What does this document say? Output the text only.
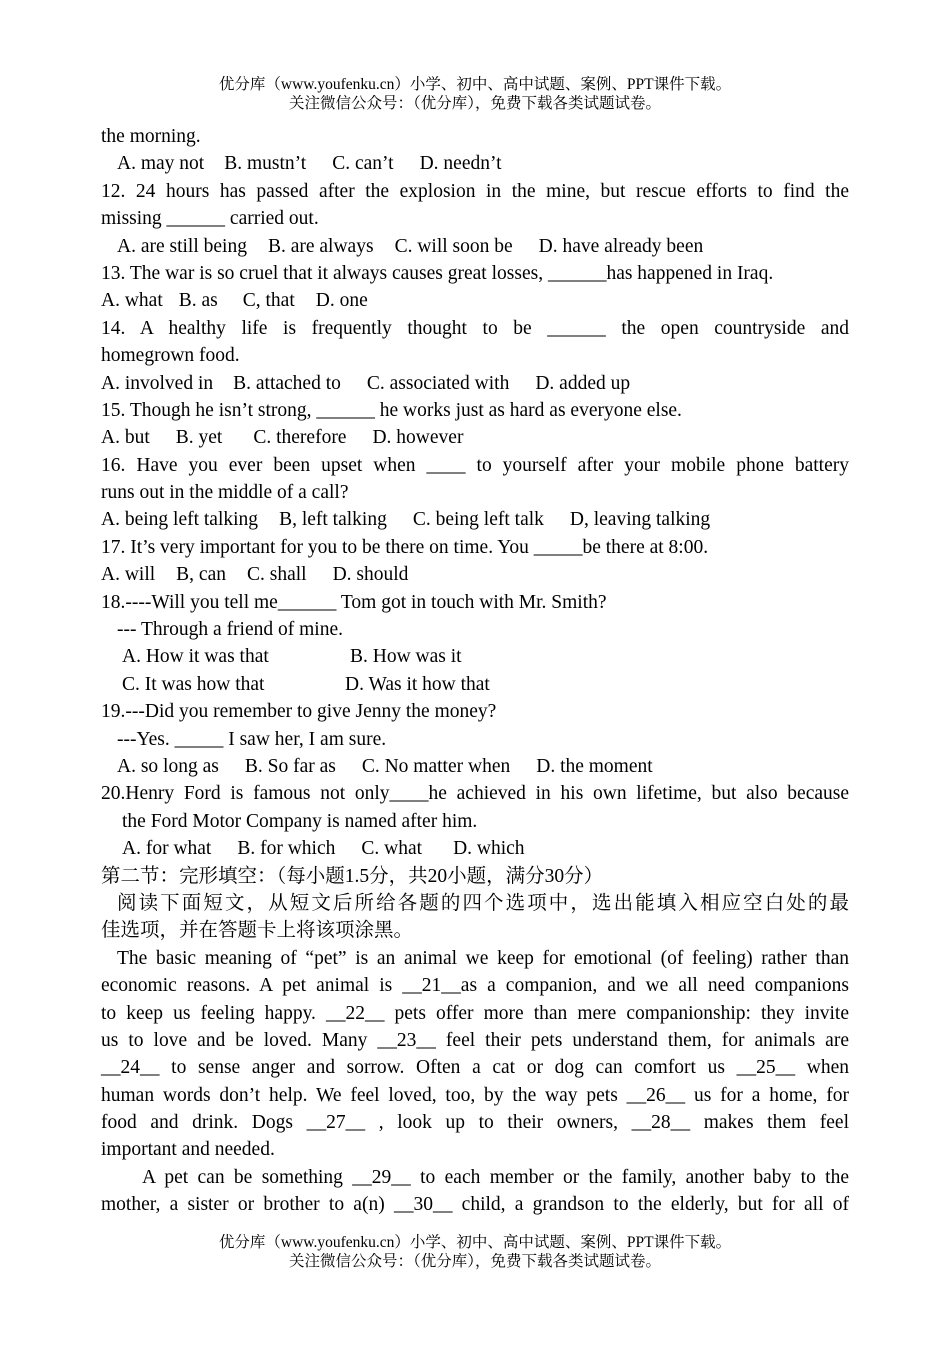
优分库（www.youfenku.cn）小学、初中、高中试题、案例、PPT课件下载。
关注微信公众号：（优分库），免费下载各类试题试卷。
the morning.
A. may not B. mustn’t C. can’t D. needn’t
12. 24 hours has passed after the explosion in the mine, but rescue efforts to find the
missing ______ carried out.
A. are still being B. are always C. will soon be D. have already been
13. The war is so cruel that it always causes great losses, ______has happened in Iraq.
A. what B. as C, that D. one
14. A healthy life is frequently thought to be ______ the open countryside and
homegrown food.
A. involved in B. attached to C. associated with D. added up
15. Though he isn’t strong, ______ he works just as hard as everyone else.
A. but B. yet C. therefore D. however
16. Have you ever been upset when ____ to yourself after your mobile phone battery
runs out in the middle of a call?
A. being left talking B, left talking C. being left talk D, leaving talking
17. It’s very important for you to be there on time. You _____be there at 8:00.
A. will B, can C. shall D. should
18.----Will you tell me______ Tom got in touch with Mr. Smith?
--- Through a friend of mine.
A. How it was that	B. How was it
C. It was how that	D. Was it how that
19.---Did you remember to give Jenny the money?
---Yes. _____ I saw her, I am sure.
A. so long as B. So far as C. No matter when D. the moment
20.Henry Ford is famous not only____he achieved in his own lifetime, but also because
the Ford Motor Company is named after him.
A. for what B. for which C. what D. which
第二节：完形填空：（每小题1.5分，共20小题，满分30分）
阅读下面短文，从短文后所给各题的四个选项中，选出能填入相应空白处的最
佳选项，并在答题卡上将该项涂黑。
The basic meaning of “pet” is an animal we keep for emotional (of feeling) rather than
economic reasons. A pet animal is __21__as a companion, and we all need companions
to keep us feeling happy. __22__ pets offer more than mere companionship: they invite
us to love and be loved. Many __23__ feel their pets understand them, for animals are
__24__ to sense anger and sorrow. Often a cat or dog can comfort us __25__ when
human words don’t help. We feel loved, too, by the way pets __26__ us for a home, for
food and drink. Dogs __27__ , look up to their owners, __28__ makes them feel
important and needed.
A pet can be something __29__ to each member or the family, another baby to the
mother, a sister or brother to a(n) __30__ child, a grandson to the elderly, but for all of
优分库（www.youfenku.cn）小学、初中、高中试题、案例、PPT课件下载。
关注微信公众号：（优分库），免费下载各类试题试卷。
